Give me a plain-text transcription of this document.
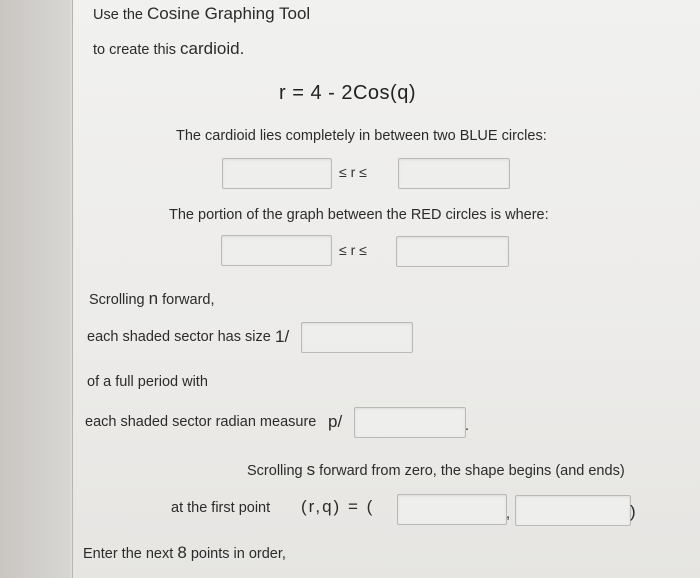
Use the Cosine Graphing Tool
to create this cardioid.
r = 4 - 2Cos(q)
The cardioid lies completely in between two BLUE circles:
≤ r ≤
The portion of the graph between the RED circles is where:
≤ r ≤
Scrolling n forward,
each shaded sector has size 1/
of a full period with
each shaded sector radian measure p/	.
Scrolling s forward from zero, the shape begins (and ends)
at the first point (r,q) = (	,	)
Enter the next 8 points in order,
